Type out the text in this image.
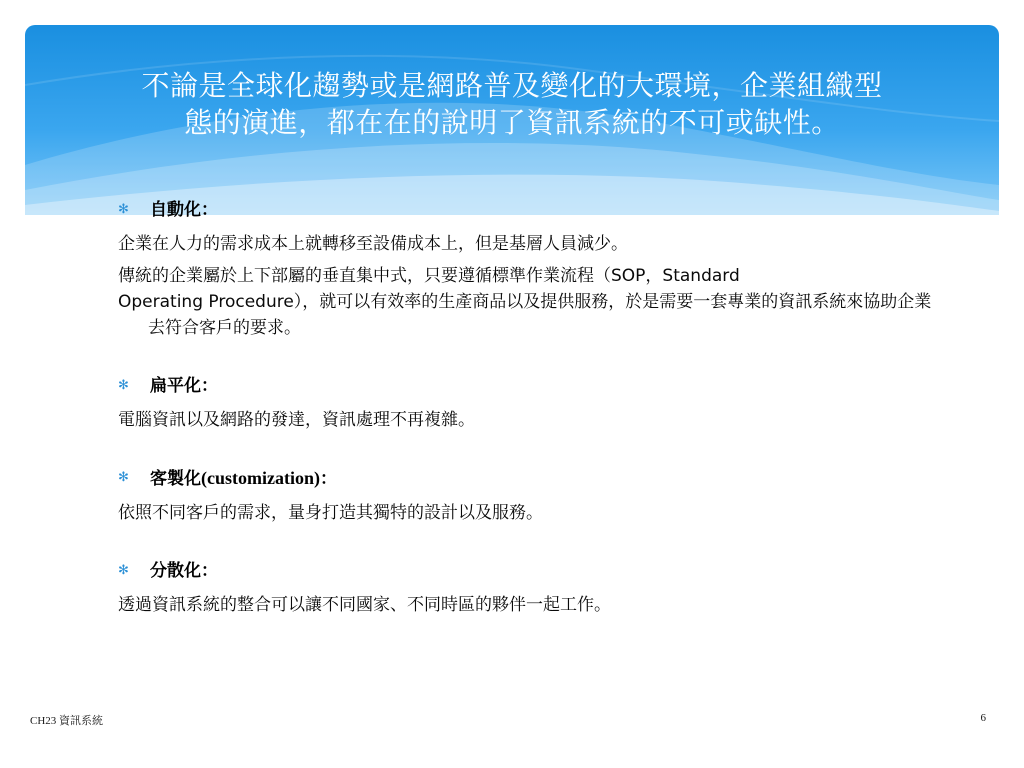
不論是全球化趨勢或是網路普及變化的大環境，企業組織型
態的演進，都在在的說明了資訊系統的不可或缺性。
✻ 自動化：

企業在人力的需求成本上就轉移至設備成本上，但是基層人員減少。

傳統的企業屬於上下部屬的垂直集中式，只要遵循標準作業流程（SOP，Standard

Operating Procedure），就可以有效率的生產商品以及提供服務，於是需要一套專業的資訊系統來協助企業去符合客戶的要求。

✻ 扁平化：

電腦資訊以及網路的發達，資訊處理不再複雜。

✻ 客製化(customization)：

依照不同客戶的需求，量身打造其獨特的設計以及服務。

✻ 分散化：

透過資訊系統的整合可以讓不同國家、不同時區的夥伴一起工作。

CH23 資訊系統	6
